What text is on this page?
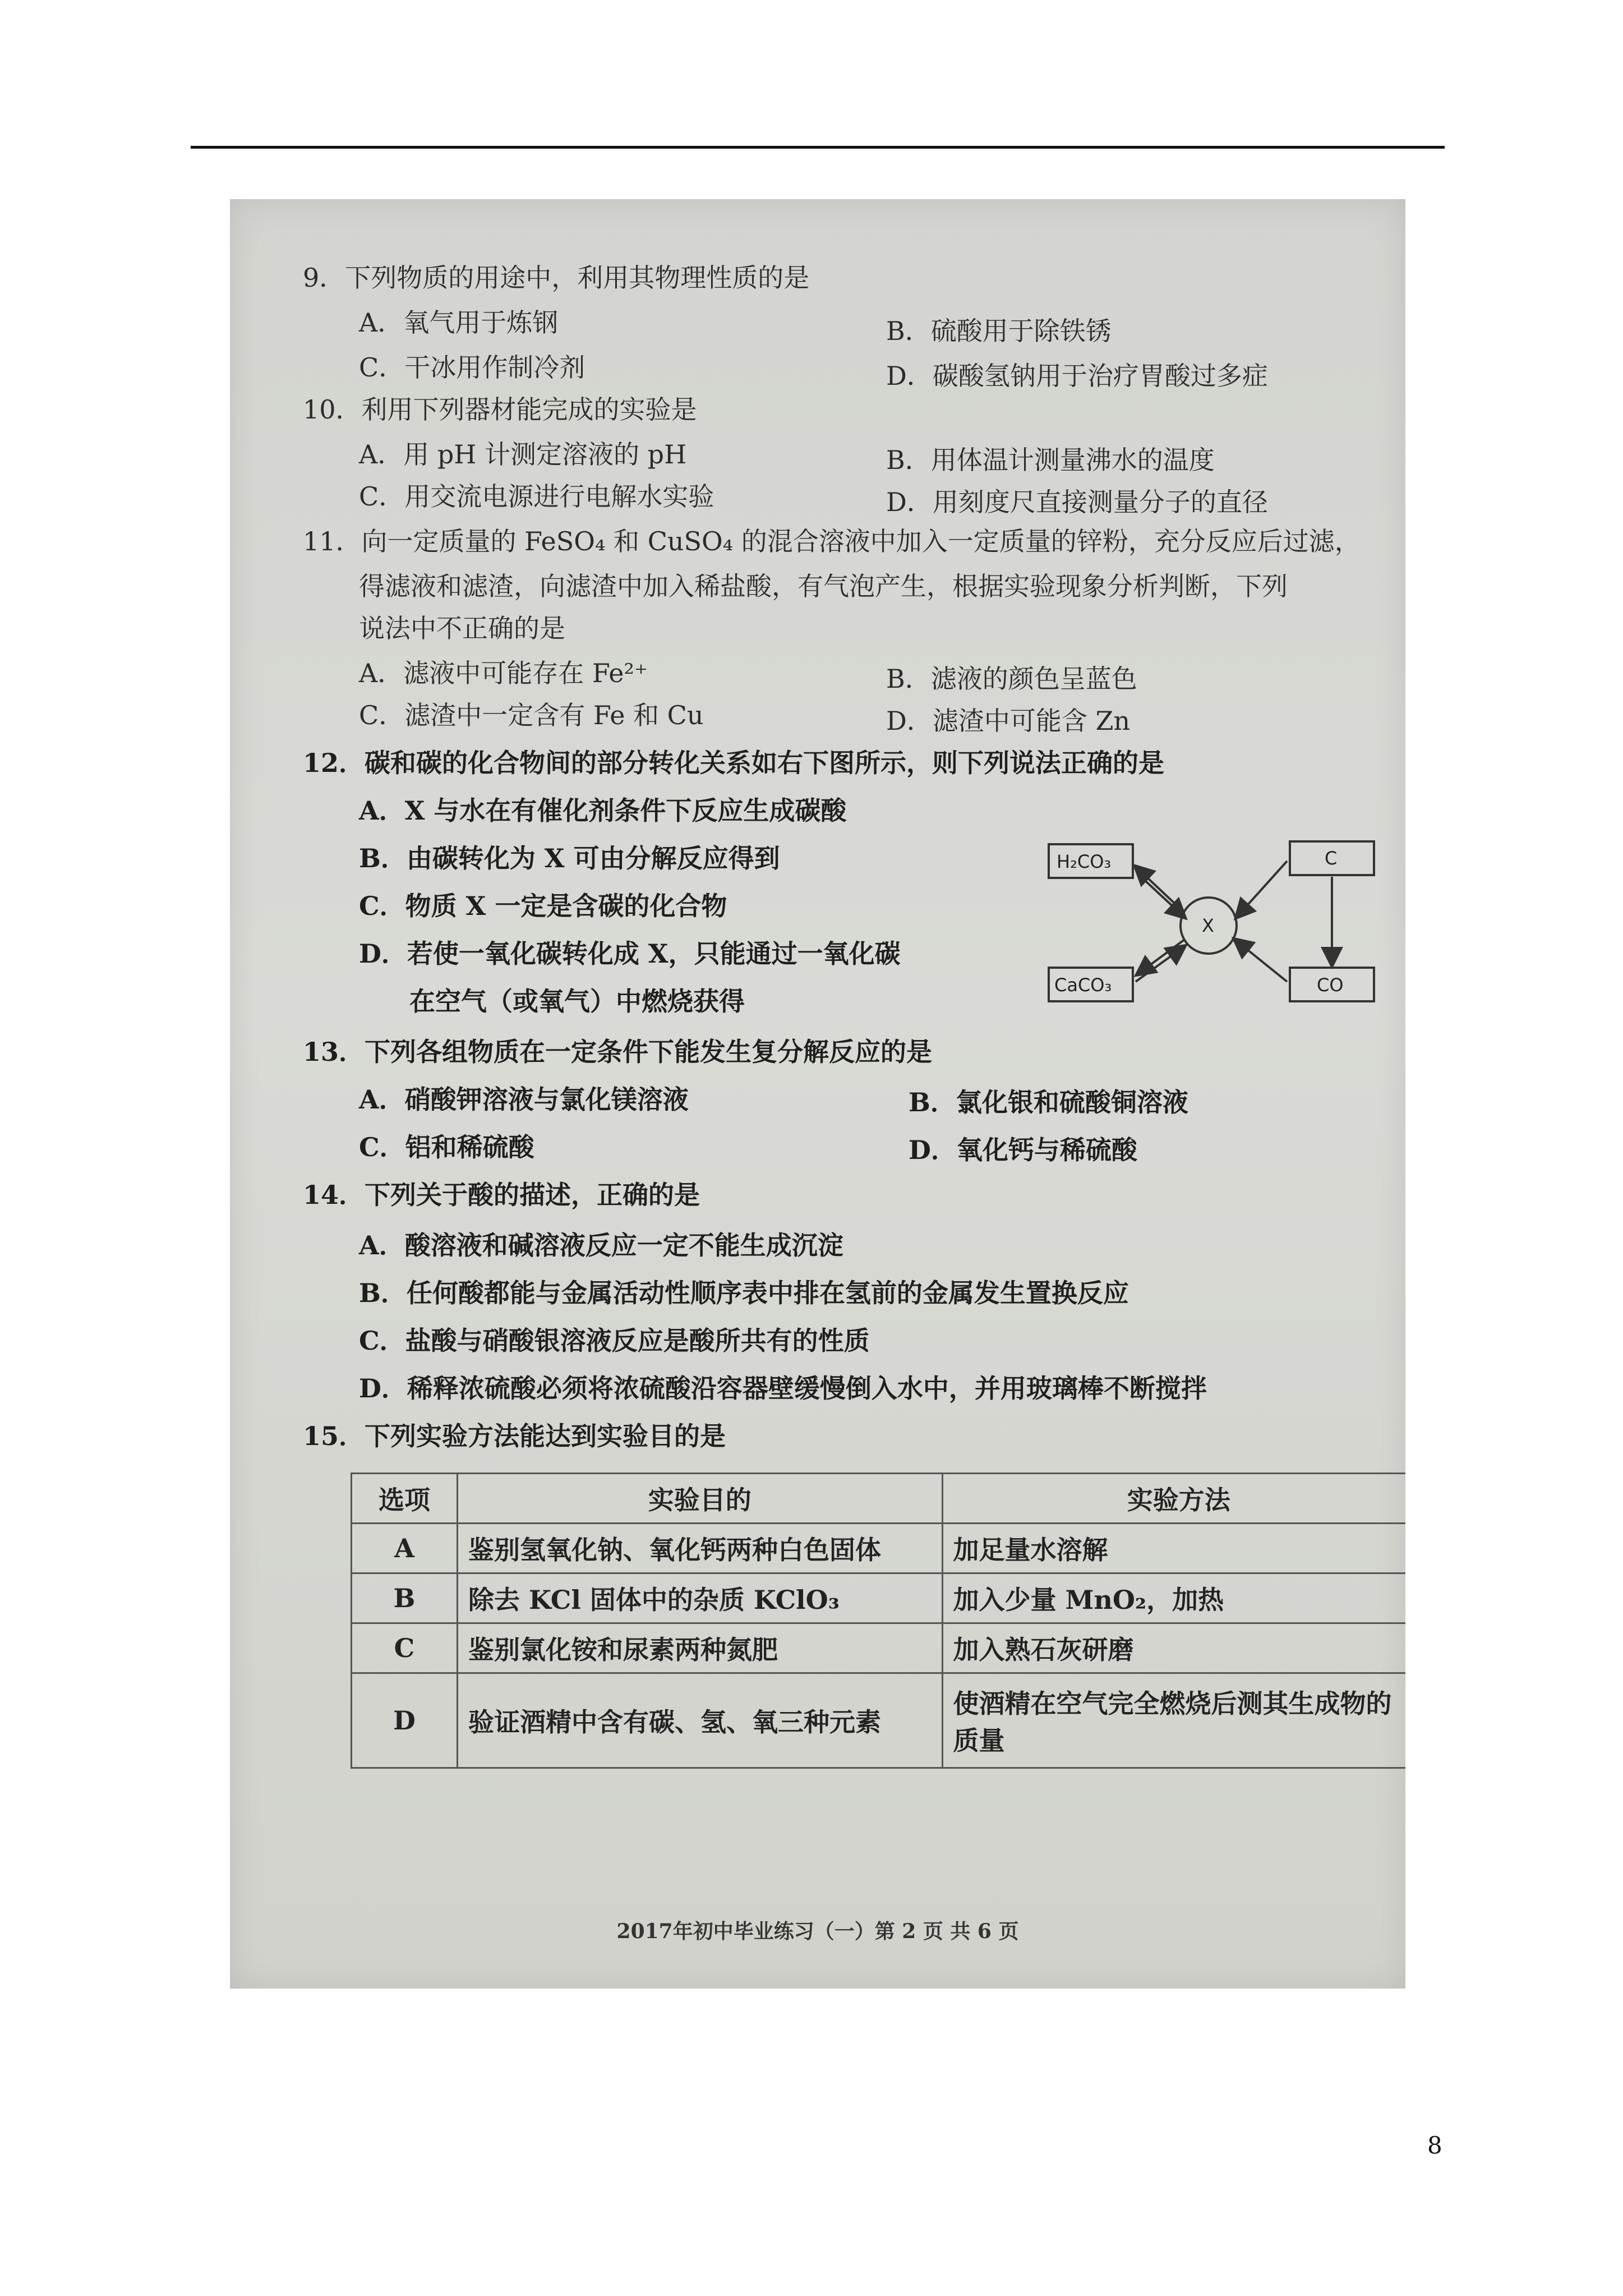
9．下列物质的用途中，利用其物理性质的是
A．氧气用于炼钢	B．硫酸用于除铁锈
C．干冰用作制冷剂	D．碳酸氢钠用于治疗胃酸过多症
10．利用下列器材能完成的实验是
A．用 pH 计测定溶液的 pH	B．用体温计测量沸水的温度
C．用交流电源进行电解水实验	D．用刻度尺直接测量分子的直径
11．向一定质量的 FeSO₄ 和 CuSO₄ 的混合溶液中加入一定质量的锌粉，充分反应后过滤，
得滤液和滤渣，向滤渣中加入稀盐酸，有气泡产生，根据实验现象分析判断，下列
说法中不正确的是
A．滤液中可能存在 Fe²⁺	B．滤液的颜色呈蓝色
C．滤渣中一定含有 Fe 和 Cu	D．滤渣中可能含 Zn
12．碳和碳的化合物间的部分转化关系如右下图所示，则下列说法正确的是
A．X 与水在有催化剂条件下反应生成碳酸
B．由碳转化为 X 可由分解反应得到
C．物质 X 一定是含碳的化合物
D．若使一氧化碳转化成 X，只能通过一氧化碳
在空气（或氧气）中燃烧获得
H₂CO₃	C
X
CaCO₃	CO
13．下列各组物质在一定条件下能发生复分解反应的是
A．硝酸钾溶液与氯化镁溶液	B．氯化银和硫酸铜溶液
C．铝和稀硫酸	D．氧化钙与稀硫酸
14．下列关于酸的描述，正确的是
A．酸溶液和碱溶液反应一定不能生成沉淀
B．任何酸都能与金属活动性顺序表中排在氢前的金属发生置换反应
C．盐酸与硝酸银溶液反应是酸所共有的性质
D．稀释浓硫酸必须将浓硫酸沿容器壁缓慢倒入水中，并用玻璃棒不断搅拌
15．下列实验方法能达到实验目的是
选项	实验目的	实验方法
A	鉴别氢氧化钠、氧化钙两种白色固体	加足量水溶解
B	除去 KCl 固体中的杂质 KClO₃	加入少量 MnO₂，加热
C	鉴别氯化铵和尿素两种氮肥	加入熟石灰研磨
D	验证酒精中含有碳、氢、氧三种元素	使酒精在空气完全燃烧后测其生成物的质量
2017年初中毕业练习（一）第 2 页 共 6 页
8
